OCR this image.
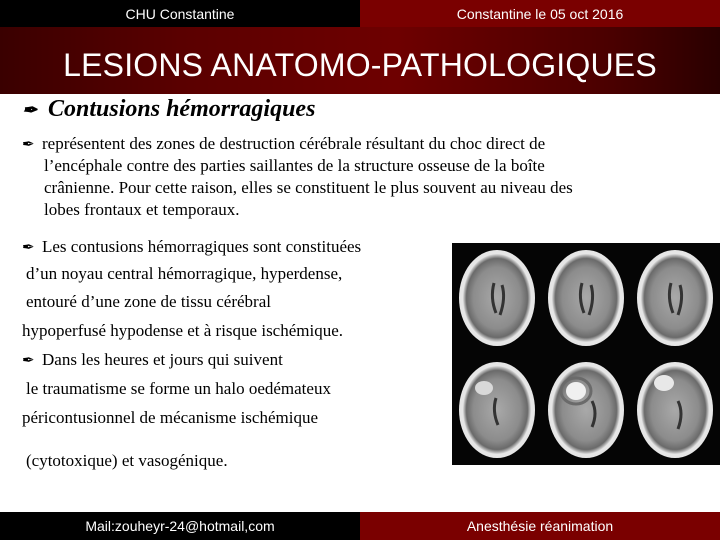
CHU Constantine	Constantine le 05 oct 2016
LESIONS ANATOMO-PATHOLOGIQUES
✒ Contusions hémorragiques
✒ représentent des zones de destruction cérébrale résultant du choc direct de
l’encéphale contre des parties saillantes de la structure osseuse de la boîte
crânienne. Pour cette raison, elles se constituent le plus souvent au niveau des
lobes frontaux et temporaux.
✒ Les contusions hémorragiques sont constituées
d’un noyau central hémorragique, hyperdense,
entouré d’une zone de tissu cérébral
hypoperfusé hypodense et à risque ischémique.
✒ Dans les heures et jours qui suivent
le traumatisme se forme un halo oedémateux
péricontusionnel de mécanisme ischémique
(cytotoxique) et vasogénique.
Mail:zouheyr-24@hotmail,com	Anesthésie réanimation
